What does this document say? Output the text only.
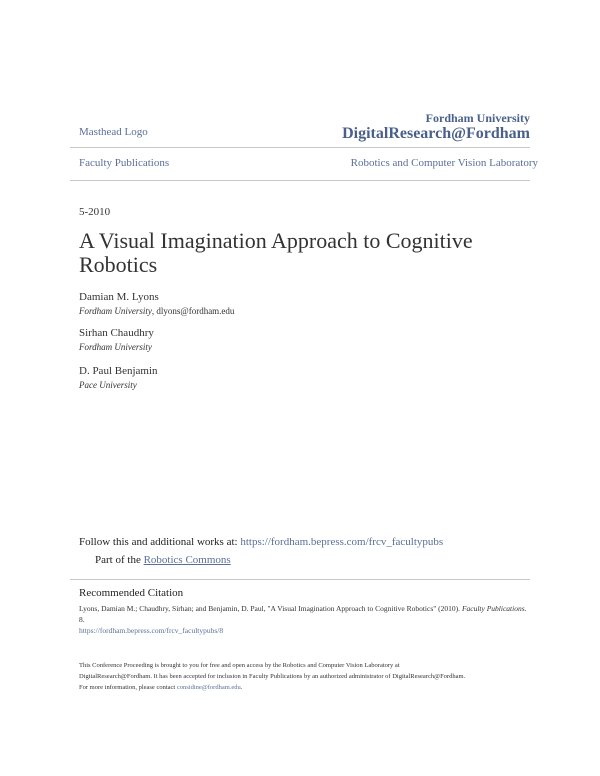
Masthead Logo
Fordham University
DigitalResearch@Fordham
Faculty Publications	Robotics and Computer Vision Laboratory
5-2010
A Visual Imagination Approach to Cognitive Robotics
Damian M. Lyons
Fordham University, dlyons@fordham.edu
Sirhan Chaudhry
Fordham University
D. Paul Benjamin
Pace University
Follow this and additional works at: https://fordham.bepress.com/frcv_facultypubs
Part of the Robotics Commons
Recommended Citation
Lyons, Damian M.; Chaudhry, Sirhan; and Benjamin, D. Paul, "A Visual Imagination Approach to Cognitive Robotics" (2010). Faculty Publications. 8.
https://fordham.bepress.com/frcv_facultypubs/8
This Conference Proceeding is brought to you for free and open access by the Robotics and Computer Vision Laboratory at
DigitalResearch@Fordham. It has been accepted for inclusion in Faculty Publications by an authorized administrator of DigitalResearch@Fordham.
For more information, please contact considine@fordham.edu.
